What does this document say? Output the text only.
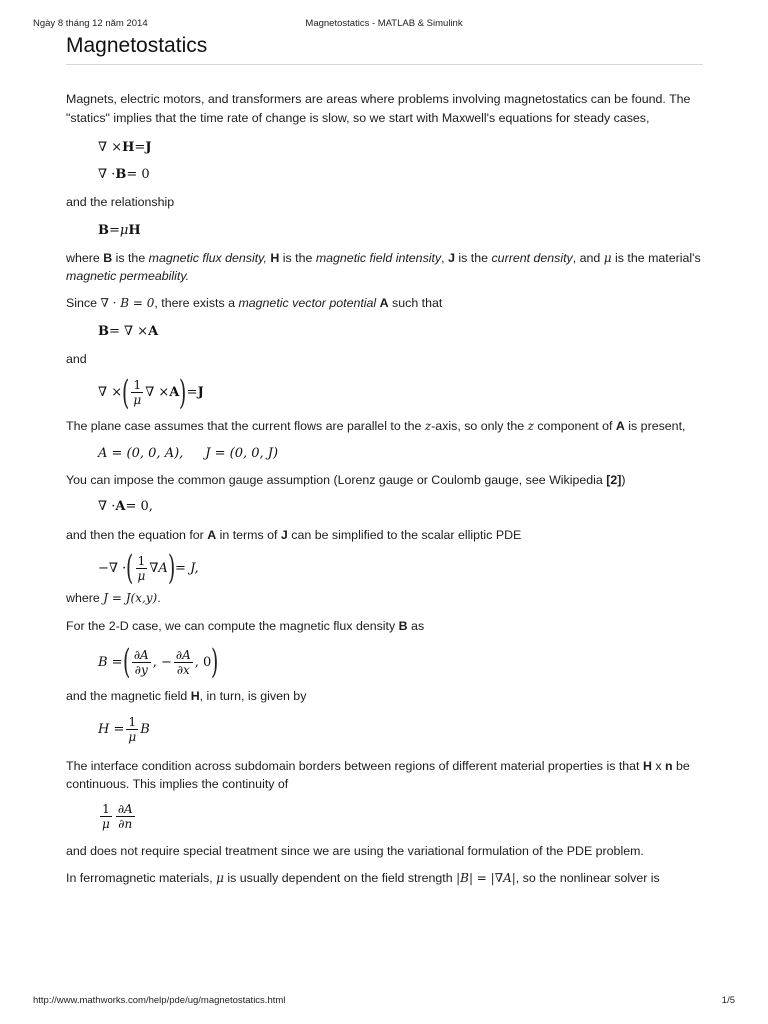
Ngày 8 tháng 12 năm 2014	Magnetostatics - MATLAB & Simulink
Magnetostatics

Magnets, electric motors, and transformers are areas where problems involving magnetostatics can be found. The "statics" implies that the time rate of change is slow, so we start with Maxwell's equations for steady cases,

∇ × H = J
∇ · B = 0

and the relationship

B = μ H

where B is the magnetic flux density, H is the magnetic field intensity, J is the current density, and μ is the material's magnetic permeability.

Since ∇ · B = 0, there exists a magnetic vector potential A such that

B = ∇ × A

and

∇ × ( $\frac{1}{\mu}$ ∇ × A ) = J

The plane case assumes that the current flows are parallel to the z-axis, so only the z component of A is present,

A = (0, 0, A), J = (0, 0, J)

You can impose the common gauge assumption (Lorenz gauge or Coulomb gauge, see Wikipedia [2])

∇ · A = 0,

and then the equation for A in terms of J can be simplified to the scalar elliptic PDE

−∇ · ( $\frac{1}{\mu} \nabla A$ ) = J,

where J = J(x,y).

For the 2-D case, we can compute the magnetic flux density B as

B = ( $\frac{\partial A}{\partial y}$ , − $\frac{\partial A}{\partial x}$ , 0 )

and the magnetic field H, in turn, is given by

$H = \frac{1}{\mu}$ B

The interface condition across subdomain borders between regions of different material properties is that H x n be continuous. This implies the continuity of

$\frac{1}{\mu} \frac{\partial A}{\partial n}$

and does not require special treatment since we are using the variational formulation of the PDE problem.

In ferromagnetic materials, μ is usually dependent on the field strength |B| = |∇A|, so the nonlinear solver is

http://www.mathworks.com/help/pde/ug/magnetostatics.html	1/5
